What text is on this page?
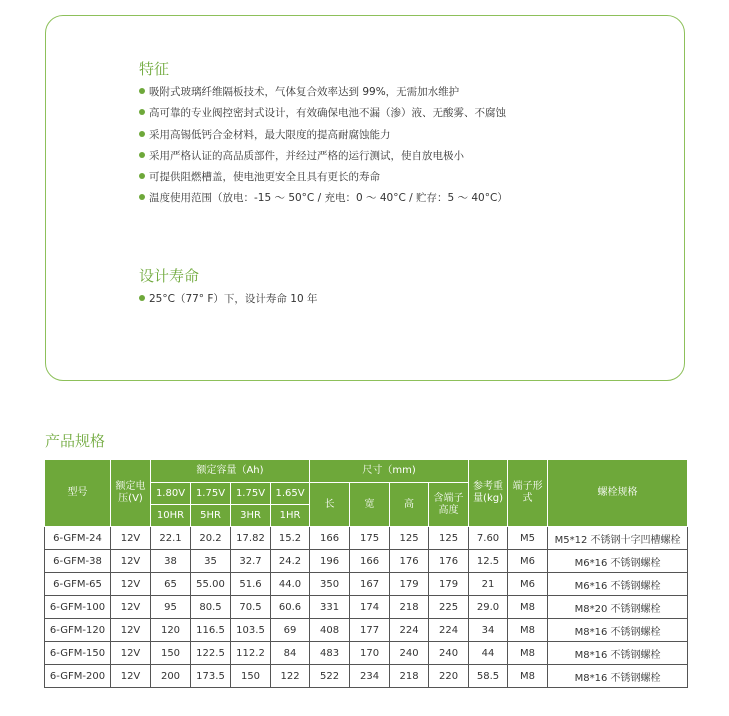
特征
吸附式玻璃纤维隔板技术，气体复合效率达到 99%，无需加水维护
高可靠的专业阀控密封式设计，有效确保电池不漏（渗）液、无酸雾、不腐蚀
采用高锡低钙合金材料，最大限度的提高耐腐蚀能力
采用严格认证的高品质部件，并经过严格的运行测试，使自放电极小
可提供阻燃槽盖，使电池更安全且具有更长的寿命
温度使用范围（放电：-15 ～ 50°C / 充电：0 ～ 40°C / 贮存：5 ～ 40°C）
设计寿命
25°C（77° F）下，设计寿命 10 年
产品规格
型号	额定电压(V)	额定容量（Ah)				尺寸（mm)				参考重量(kg)	端子形式	螺栓规格
		1.80V	1.75V	1.75V	1.65V	长	宽	高	含端子高度			
		10HR	5HR	3HR	1HR							
6-GFM-24	12V	22.1	20.2	17.82	15.2	166	175	125	125	7.60	M5	M5*12 不锈钢十字凹槽螺栓
6-GFM-38	12V	38	35	32.7	24.2	196	166	176	176	12.5	M6	M6*16 不锈钢螺栓
6-GFM-65	12V	65	55.00	51.6	44.0	350	167	179	179	21	M6	M6*16 不锈钢螺栓
6-GFM-100	12V	95	80.5	70.5	60.6	331	174	218	225	29.0	M8	M8*20 不锈钢螺栓
6-GFM-120	12V	120	116.5	103.5	69	408	177	224	224	34	M8	M8*16 不锈钢螺栓
6-GFM-150	12V	150	122.5	112.2	84	483	170	240	240	44	M8	M8*16 不锈钢螺栓
6-GFM-200	12V	200	173.5	150	122	522	234	218	220	58.5	M8	M8*16 不锈钢螺栓
